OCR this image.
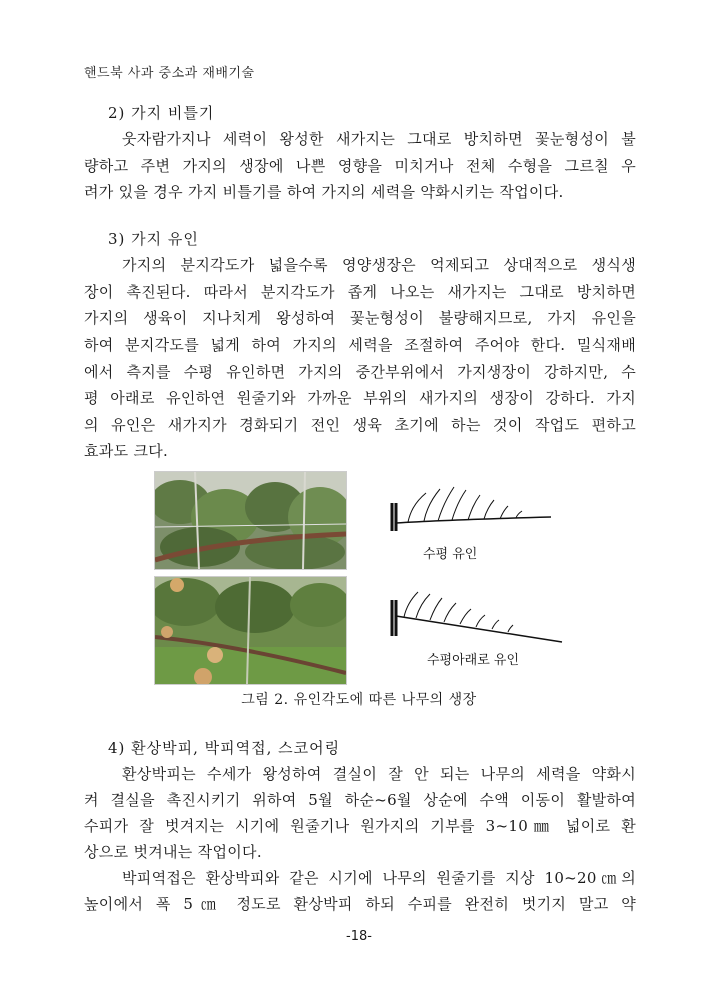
핸드북 사과 중소과 재배기술
2) 가지 비틀기
웃자람가지나 세력이 왕성한 새가지는 그대로 방치하면 꽃눈형성이 불
량하고 주변 가지의 생장에 나쁜 영향을 미치거나 전체 수형을 그르칠 우
려가 있을 경우 가지 비틀기를 하여 가지의 세력을 약화시키는 작업이다.
3) 가지 유인
가지의 분지각도가 넓을수록 영양생장은 억제되고 상대적으로 생식생
장이 촉진된다. 따라서 분지각도가 좁게 나오는 새가지는 그대로 방치하면
가지의 생육이 지나치게 왕성하여 꽃눈형성이 불량해지므로, 가지 유인을
하여 분지각도를 넓게 하여 가지의 세력을 조절하여 주어야 한다. 밀식재배
에서 측지를 수평 유인하면 가지의 중간부위에서 가지생장이 강하지만, 수
평 아래로 유인하연 원줄기와 가까운 부위의 새가지의 생장이 강하다. 가지
의 유인은 새가지가 경화되기 전인 생육 초기에 하는 것이 작업도 편하고
효과도 크다.
수평 유인
수평아래로 유인
그림 2. 유인각도에 따른 나무의 생장
4) 환상박피, 박피역접, 스코어링
환상박피는 수세가 왕성하여 결실이 잘 안 되는 나무의 세력을 약화시
켜 결실을 촉진시키기 위하여 5월 하순~6월 상순에 수액 이동이 활발하여
수피가 잘 벗겨지는 시기에 원줄기나 원가지의 기부를 3~10㎜ 넓이로 환
상으로 벗겨내는 작업이다.
박피역접은 환상박피와 같은 시기에 나무의 원줄기를 지상 10~20㎝의
높이에서 폭 5㎝ 정도로 환상박피 하되 수피를 완전히 벗기지 말고 약
-18-
